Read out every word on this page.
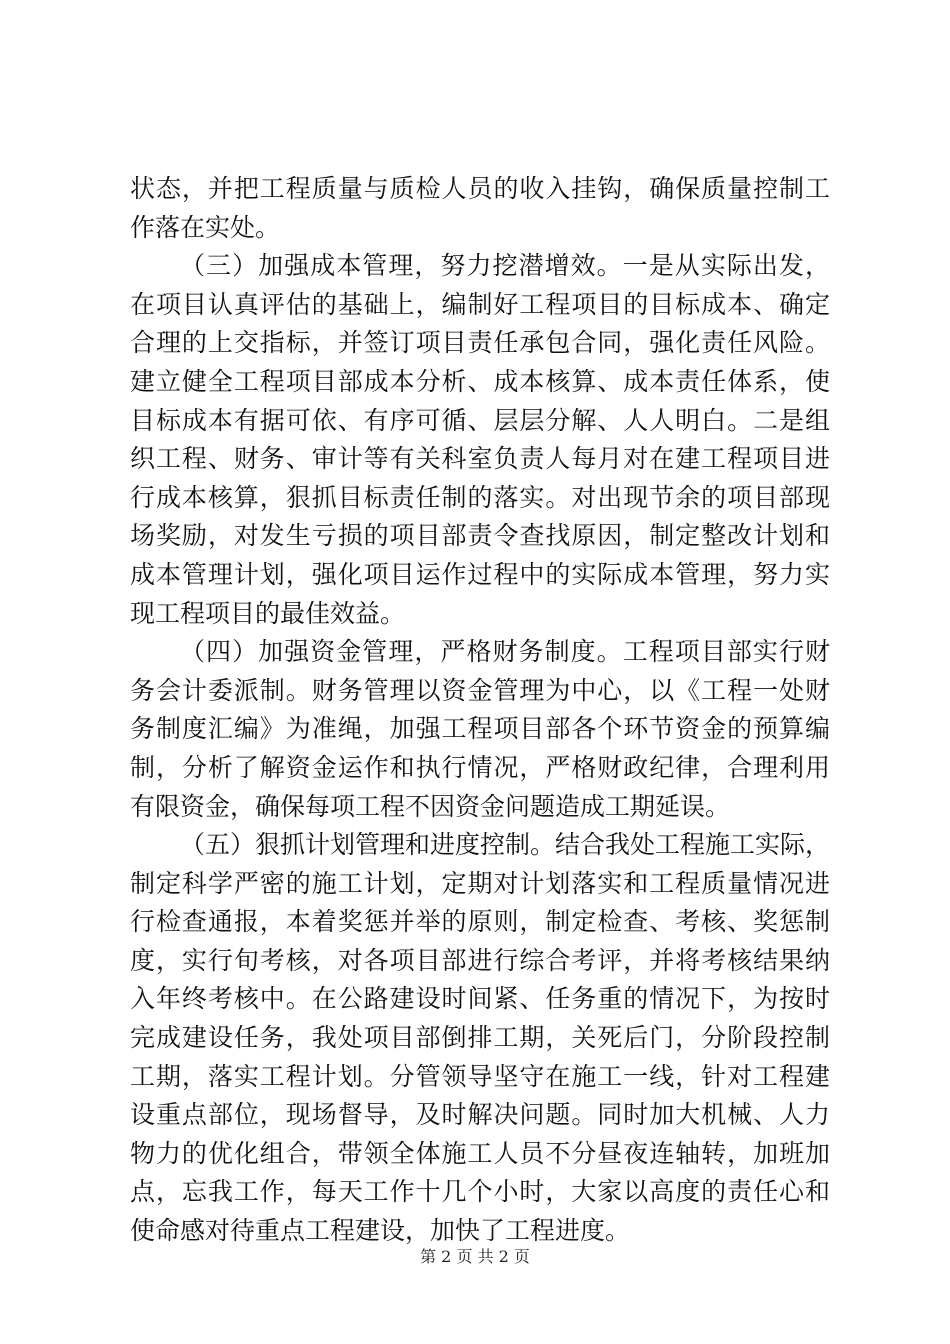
状态，并把工程质量与质检人员的收入挂钩，确保质量控制工
作落在实处。
（三）加强成本管理，努力挖潜增效。一是从实际出发，
在项目认真评估的基础上，编制好工程项目的目标成本、确定
合理的上交指标，并签订项目责任承包合同，强化责任风险。
建立健全工程项目部成本分析、成本核算、成本责任体系，使
目标成本有据可依、有序可循、层层分解、人人明白。二是组
织工程、财务、审计等有关科室负责人每月对在建工程项目进
行成本核算，狠抓目标责任制的落实。对出现节余的项目部现
场奖励，对发生亏损的项目部责令查找原因，制定整改计划和
成本管理计划，强化项目运作过程中的实际成本管理，努力实
现工程项目的最佳效益。
（四）加强资金管理，严格财务制度。工程项目部实行财
务会计委派制。财务管理以资金管理为中心，以《工程一处财
务制度汇编》为准绳，加强工程项目部各个环节资金的预算编
制，分析了解资金运作和执行情况，严格财政纪律，合理利用
有限资金，确保每项工程不因资金问题造成工期延误。
（五）狠抓计划管理和进度控制。结合我处工程施工实际，
制定科学严密的施工计划，定期对计划落实和工程质量情况进
行检查通报，本着奖惩并举的原则，制定检查、考核、奖惩制
度，实行旬考核，对各项目部进行综合考评，并将考核结果纳
入年终考核中。在公路建设时间紧、任务重的情况下，为按时
完成建设任务，我处项目部倒排工期，关死后门，分阶段控制
工期，落实工程计划。分管领导坚守在施工一线，针对工程建
设重点部位，现场督导，及时解决问题。同时加大机械、人力
物力的优化组合，带领全体施工人员不分昼夜连轴转，加班加
点，忘我工作，每天工作十几个小时，大家以高度的责任心和
使命感对待重点工程建设，加快了工程进度。
第 2 页 共 2 页
